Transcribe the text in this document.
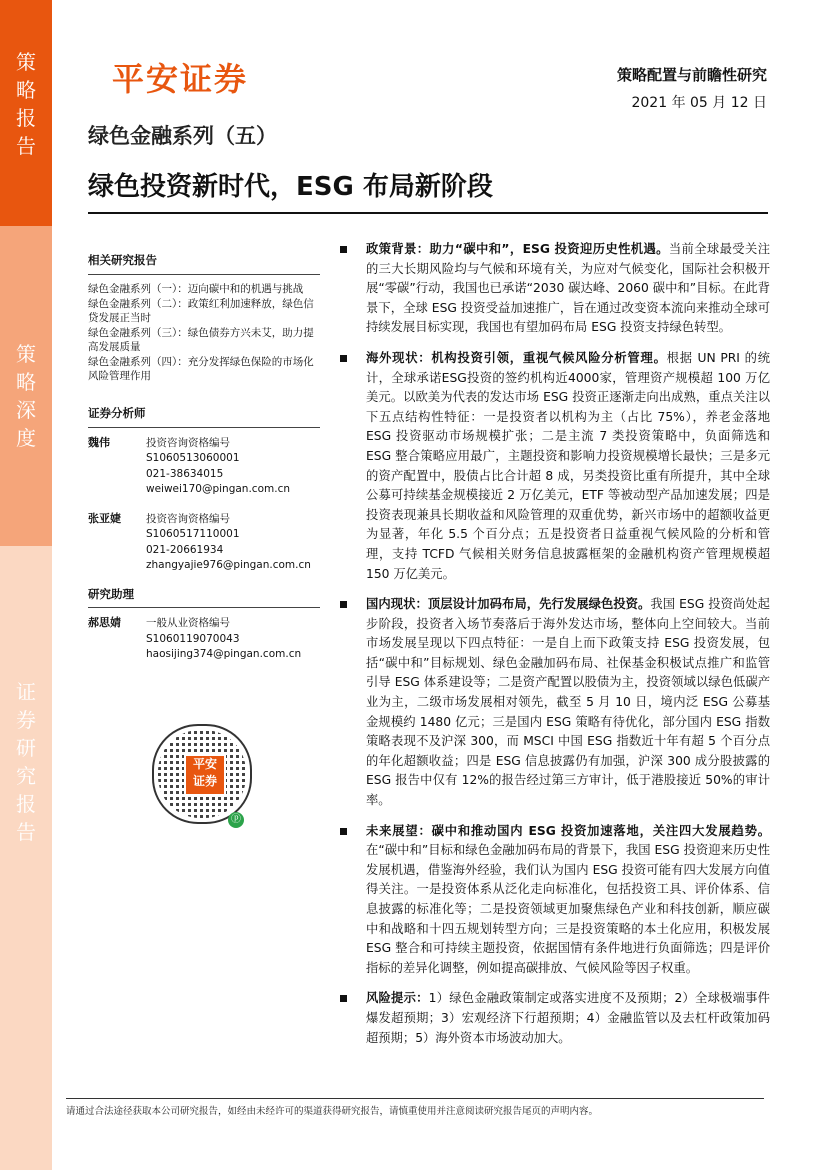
策
略
报
告
策
略
深
度
证
券
研
究
报
告
平安证券	策略配置与前瞻性研究
2021 年 05 月 12 日
绿色金融系列（五）
绿色投资新时代，ESG 布局新阶段
相关研究报告
绿色金融系列（一）：迈向碳中和的机遇与挑战
绿色金融系列（二）：政策红利加速释放，绿色信贷发展正当时
绿色金融系列（三）：绿色债券方兴未艾，助力提高发展质量
绿色金融系列（四）：充分发挥绿色保险的市场化风险管理作用
证券分析师
魏伟	投资咨询资格编号
S1060513060001
021-38634015
weiwei170@pingan.com.cn
张亚婕	投资咨询资格编号
S1060517110001
021-20661934
zhangyajie976@pingan.com.cn
研究助理
郝思婧	一般从业资格编号
S1060119070043
haosijing374@pingan.com.cn
平安
证券
ⓟ
政策背景：助力“碳中和”，ESG 投资迎历史性机遇。当前全球最受关注的三大长期风险均与气候和环境有关，为应对气候变化，国际社会积极开展“零碳”行动，我国也已承诺“2030 碳达峰、2060 碳中和”目标。在此背景下，全球 ESG 投资受益加速推广，旨在通过改变资本流向来推动全球可持续发展目标实现，我国也有望加码布局 ESG 投资支持绿色转型。
海外现状：机构投资引领，重视气候风险分析管理。根据 UN PRI 的统计，全球承诺ESG投资的签约机构近4000家，管理资产规模超 100 万亿美元。以欧美为代表的发达市场 ESG 投资正逐渐走向出成熟，重点关注以下五点结构性特征：一是投资者以机构为主（占比 75%），养老金落地 ESG 投资驱动市场规模扩张；二是主流 7 类投资策略中，负面筛选和 ESG 整合策略应用最广，主题投资和影响力投资规模增长最快；三是多元的资产配置中，股债占比合计超 8 成，另类投资比重有所提升，其中全球公募可持续基金规模接近 2 万亿美元，ETF 等被动型产品加速发展；四是投资表现兼具长期收益和风险管理的双重优势，新兴市场中的超额收益更为显著，年化 5.5 个百分点；五是投资者日益重视气候风险的分析和管理，支持 TCFD 气候相关财务信息披露框架的金融机构资产管理规模超 150 万亿美元。
国内现状：顶层设计加码布局，先行发展绿色投资。我国 ESG 投资尚处起步阶段，投资者入场节奏落后于海外发达市场，整体向上空间较大。当前市场发展呈现以下四点特征：一是自上而下政策支持 ESG 投资发展，包括“碳中和”目标规划、绿色金融加码布局、社保基金积极试点推广和监管引导 ESG 体系建设等；二是资产配置以股债为主，投资领域以绿色低碳产业为主，二级市场发展相对领先，截至 5 月 10 日，境内泛 ESG 公募基金规模约 1480 亿元；三是国内 ESG 策略有待优化，部分国内 ESG 指数策略表现不及沪深 300，而 MSCI 中国 ESG 指数近十年有超 5 个百分点的年化超额收益；四是 ESG 信息披露仍有加强，沪深 300 成分股披露的 ESG 报告中仅有 12%的报告经过第三方审计，低于港股接近 50%的审计率。
未来展望：碳中和推动国内 ESG 投资加速落地，关注四大发展趋势。在“碳中和”目标和绿色金融加码布局的背景下，我国 ESG 投资迎来历史性发展机遇，借鉴海外经验，我们认为国内 ESG 投资可能有四大发展方向值得关注。一是投资体系从泛化走向标准化，包括投资工具、评价体系、信息披露的标准化等；二是投资领域更加聚焦绿色产业和科技创新，顺应碳中和战略和十四五规划转型方向；三是投资策略的本土化应用，积极发展 ESG 整合和可持续主题投资，依据国情有条件地进行负面筛选；四是评价指标的差异化调整，例如提高碳排放、气候风险等因子权重。
风险提示：1）绿色金融政策制定或落实进度不及预期；2）全球极端事件爆发超预期；3）宏观经济下行超预期；4）金融监管以及去杠杆政策加码超预期；5）海外资本市场波动加大。
请通过合法途径获取本公司研究报告，如经由未经许可的渠道获得研究报告，请慎重使用并注意阅读研究报告尾页的声明内容。
